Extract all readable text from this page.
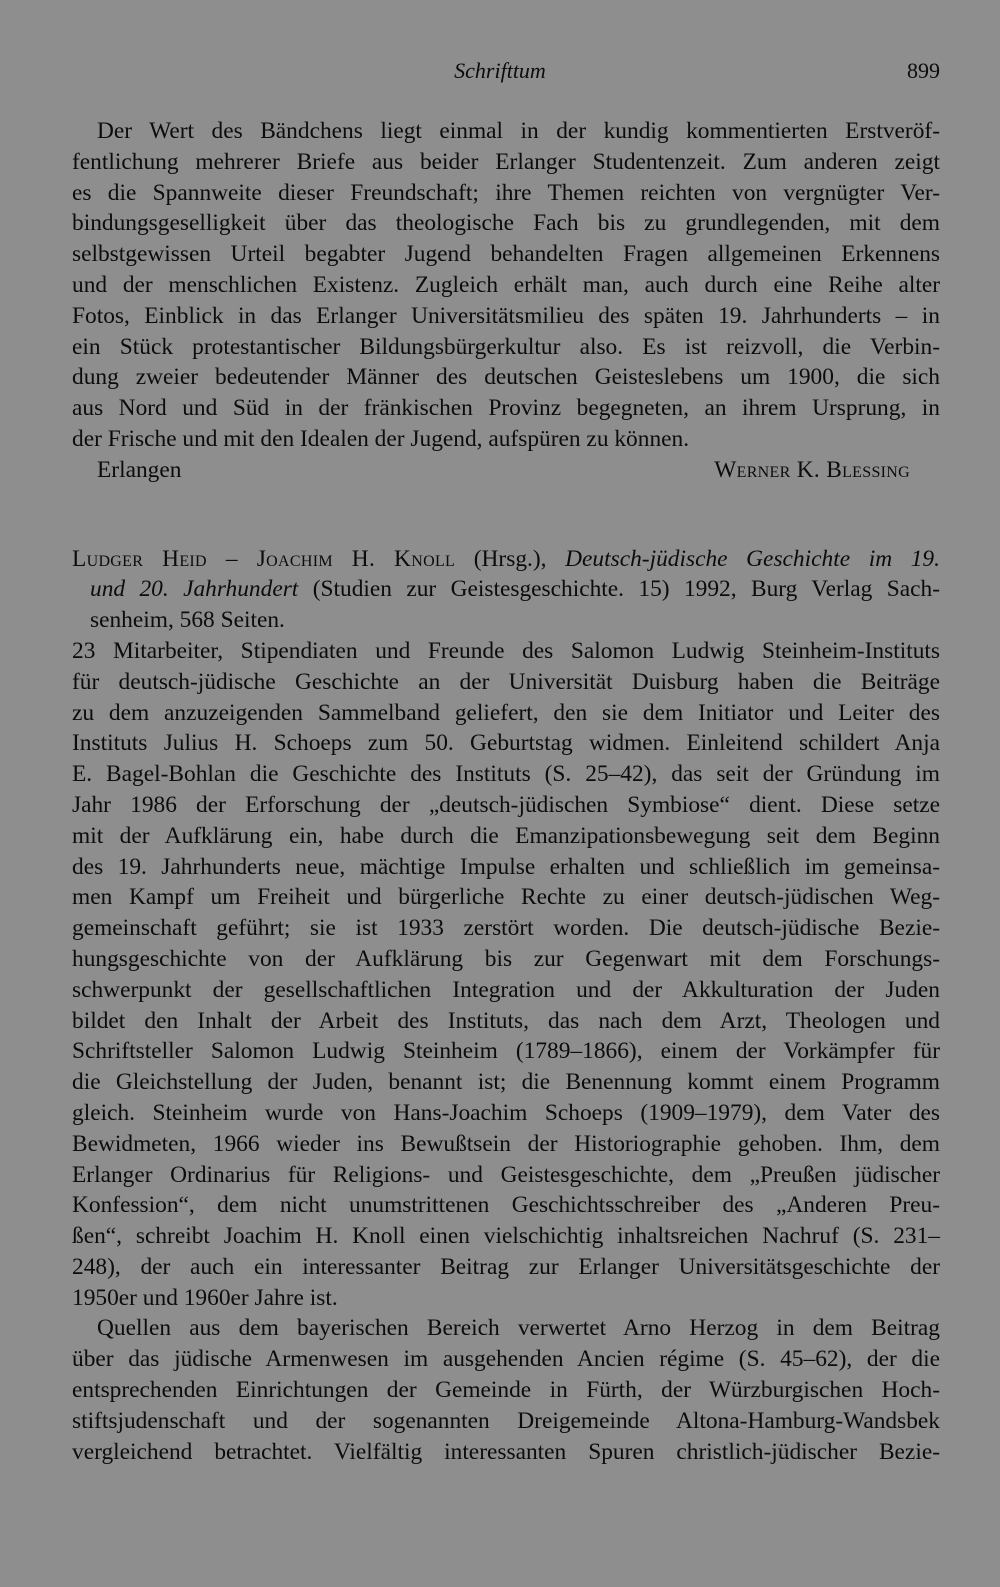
Schrifttum	899
Der Wert des Bändchens liegt einmal in der kundig kommentierten Erstveröf-
fentlichung mehrerer Briefe aus beider Erlanger Studentenzeit. Zum anderen zeigt
es die Spannweite dieser Freundschaft; ihre Themen reichten von vergnügter Ver-
bindungsgeselligkeit über das theologische Fach bis zu grundlegenden, mit dem
selbstgewissen Urteil begabter Jugend behandelten Fragen allgemeinen Erkennens
und der menschlichen Existenz. Zugleich erhält man, auch durch eine Reihe alter
Fotos, Einblick in das Erlanger Universitätsmilieu des späten 19. Jahrhunderts – in
ein Stück protestantischer Bildungsbürgerkultur also. Es ist reizvoll, die Verbin-
dung zweier bedeutender Männer des deutschen Geisteslebens um 1900, die sich
aus Nord und Süd in der fränkischen Provinz begegneten, an ihrem Ursprung, in
der Frische und mit den Idealen der Jugend, aufspüren zu können.
Erlangen	Werner K. Blessing
Ludger Heid – Joachim H. Knoll (Hrsg.), Deutsch-jüdische Geschichte im 19.
und 20. Jahrhundert (Studien zur Geistesgeschichte. 15) 1992, Burg Verlag Sach-
senheim, 568 Seiten.
23 Mitarbeiter, Stipendiaten und Freunde des Salomon Ludwig Steinheim-Instituts
für deutsch-jüdische Geschichte an der Universität Duisburg haben die Beiträge
zu dem anzuzeigenden Sammelband geliefert, den sie dem Initiator und Leiter des
Instituts Julius H. Schoeps zum 50. Geburtstag widmen. Einleitend schildert Anja
E. Bagel-Bohlan die Geschichte des Instituts (S. 25–42), das seit der Gründung im
Jahr 1986 der Erforschung der „deutsch-jüdischen Symbiose“ dient. Diese setze
mit der Aufklärung ein, habe durch die Emanzipationsbewegung seit dem Beginn
des 19. Jahrhunderts neue, mächtige Impulse erhalten und schließlich im gemeinsa-
men Kampf um Freiheit und bürgerliche Rechte zu einer deutsch-jüdischen Weg-
gemeinschaft geführt; sie ist 1933 zerstört worden. Die deutsch-jüdische Bezie-
hungsgeschichte von der Aufklärung bis zur Gegenwart mit dem Forschungs-
schwerpunkt der gesellschaftlichen Integration und der Akkulturation der Juden
bildet den Inhalt der Arbeit des Instituts, das nach dem Arzt, Theologen und
Schriftsteller Salomon Ludwig Steinheim (1789–1866), einem der Vorkämpfer für
die Gleichstellung der Juden, benannt ist; die Benennung kommt einem Programm
gleich. Steinheim wurde von Hans-Joachim Schoeps (1909–1979), dem Vater des
Bewidmeten, 1966 wieder ins Bewußtsein der Historiographie gehoben. Ihm, dem
Erlanger Ordinarius für Religions- und Geistesgeschichte, dem „Preußen jüdischer
Konfession“, dem nicht unumstrittenen Geschichtsschreiber des „Anderen Preu-
ßen“, schreibt Joachim H. Knoll einen vielschichtig inhaltsreichen Nachruf (S. 231–
248), der auch ein interessanter Beitrag zur Erlanger Universitätsgeschichte der
1950er und 1960er Jahre ist.
Quellen aus dem bayerischen Bereich verwertet Arno Herzog in dem Beitrag
über das jüdische Armenwesen im ausgehenden Ancien régime (S. 45–62), der die
entsprechenden Einrichtungen der Gemeinde in Fürth, der Würzburgischen Hoch-
stiftsjudenschaft und der sogenannten Dreigemeinde Altona-Hamburg-Wandsbek
vergleichend betrachtet. Vielfältig interessanten Spuren christlich-jüdischer Bezie-
